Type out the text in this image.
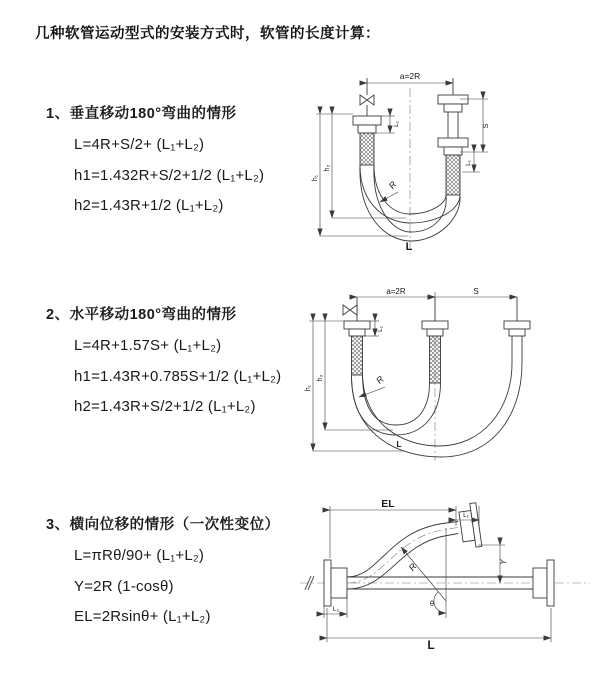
几种软管运动型式的安装方式时，软管的长度计算：
1、垂直移动180°弯曲的情形
L=4R+S/2+ (L₁+L₂)
h1=1.432R+S/2+1/2 (L₁+L₂)
h2=1.43R+1/2 (L₁+L₂)
2、水平移动180°弯曲的情形
L=4R+1.57S+ (L₁+L₂)
h1=1.43R+0.785S+1/2 (L₁+L₂)
h2=1.43R+S/2+1/2 (L₁+L₂)
3、横向位移的情形（一次性变位）
L=πRθ/90+ (L₁+L₂)
Y=2R (1-cosθ)
EL=2Rsinθ+ (L₁+L₂)
a=2R
h₁
h₂
L₁	S
L₁
R
L
a=2R	S
L₁
h₁
h₂	R
L
EL
L₁
R
θ
Y
L₂
L
